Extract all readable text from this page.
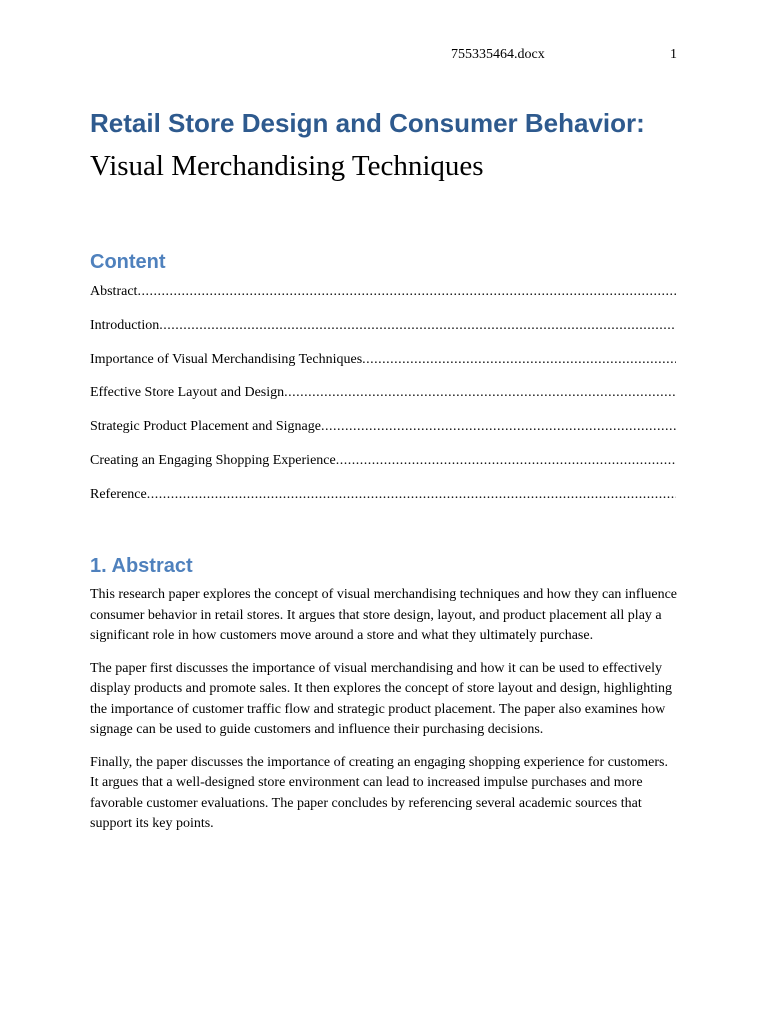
755335464.docx	1
Retail Store Design and Consumer Behavior:
Visual Merchandising Techniques
Content
Abstract
.....
Introduction
.....
Importance of Visual Merchandising Techniques
.....
Effective Store Layout and Design
.....
Strategic Product Placement and Signage
.....
Creating an Engaging Shopping Experience
.....
Reference
.....
1. Abstract

This research paper explores the concept of visual merchandising techniques and how they can influence consumer behavior in retail stores. It argues that store design, layout, and product placement all play a significant role in how customers move around a store and what they ultimately purchase.

The paper first discusses the importance of visual merchandising and how it can be used to effectively display products and promote sales. It then explores the concept of store layout and design, highlighting the importance of customer traffic flow and strategic product placement. The paper also examines how signage can be used to guide customers and influence their purchasing decisions.

Finally, the paper discusses the importance of creating an engaging shopping experience for customers. It argues that a well-designed store environment can lead to increased impulse purchases and more favorable customer evaluations. The paper concludes by referencing several academic sources that support its key points.
